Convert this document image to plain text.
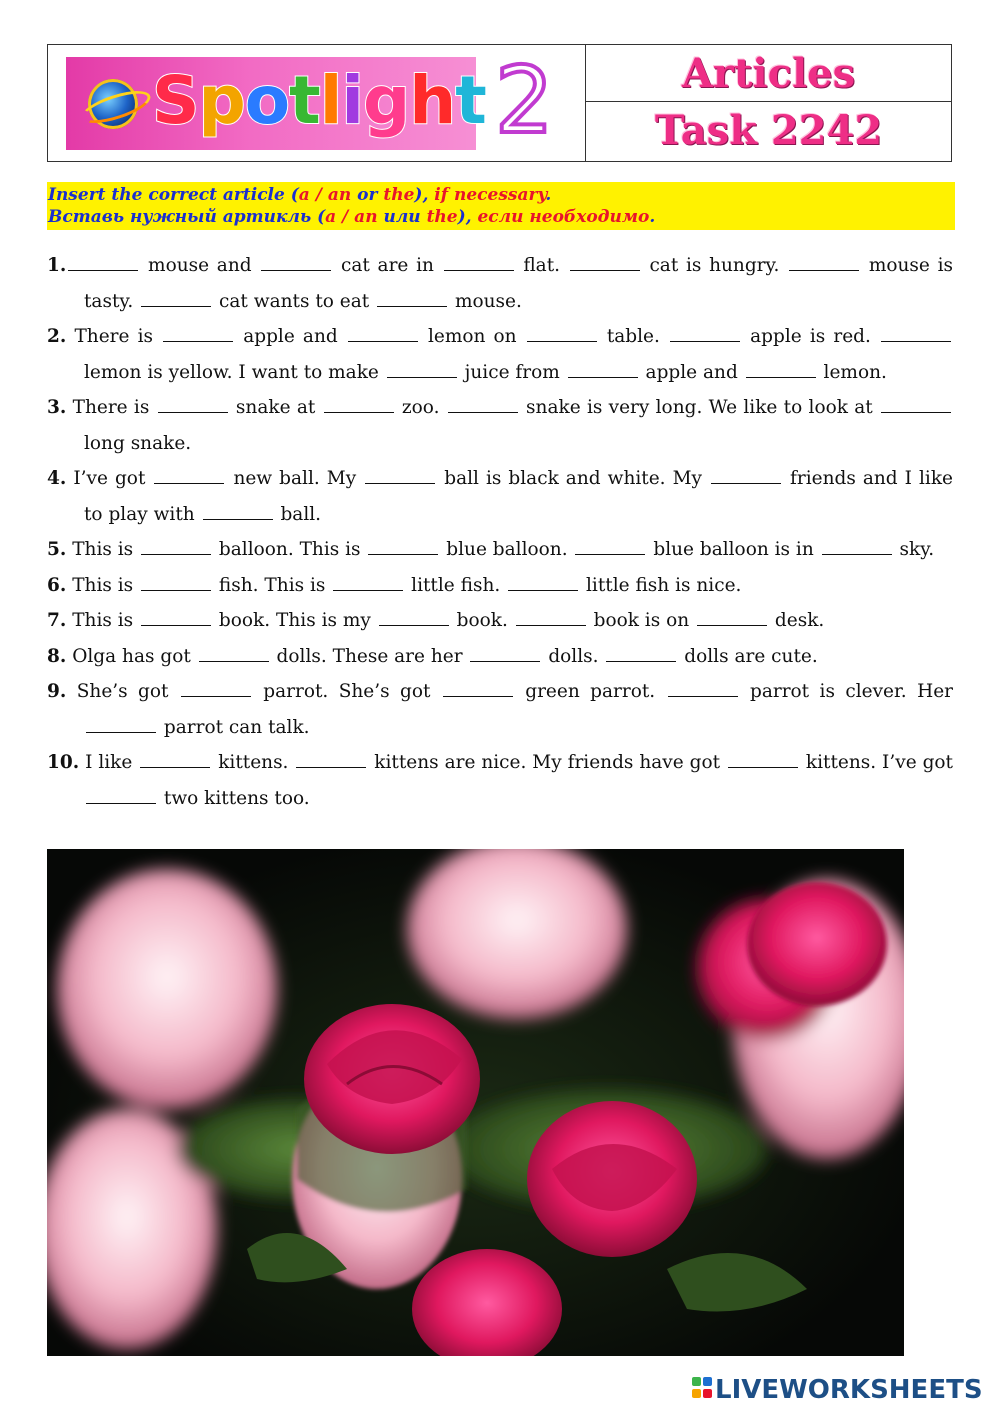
Spotlight 2	Articles
Task 2242
Insert the correct article (a / an or the), if necessary.
Вставь нужный артикль (a / an или the), если необходимо.
1.	mouse and	cat are in	flat.	cat is hungry.	mouse is tasty.	cat wants to eat	mouse.
2. There is	apple and	lemon on	table.	apple is red.  lemon is yellow. I want to make	juice from	apple and	lemon.
3. There is	snake at	zoo.	snake is very long. We like to look at  long snake.
4. I’ve got	new ball. My	ball is black and white. My	friends and I like to play with	ball.
5. This is	balloon. This is	blue balloon.	blue balloon is in	sky.
6. This is	fish. This is	little fish.	little fish is nice.
7. This is	book. This is my	book.	book is on	desk.
8. Olga has got	dolls. These are her	dolls.	dolls are cute.
9. She’s got	parrot. She’s got	green parrot.	parrot is clever. Her  parrot can talk.
10. I like	kittens.	kittens are nice. My friends have got	kittens. I’ve got  two kittens too.
LIVEWORKSHEETS
